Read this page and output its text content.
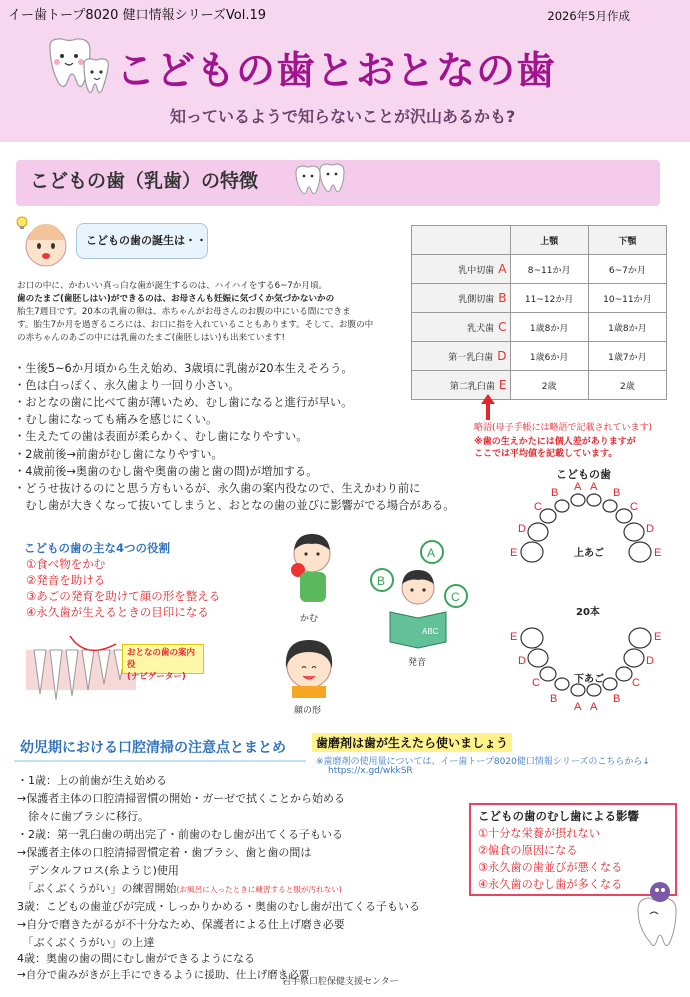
イー歯トープ8020 健口情報シリーズVol.19	2026年5月作成
こどもの歯とおとなの歯
知っているようで知らないことが沢山あるかも?
こどもの歯（乳歯）の特徴
こどもの歯の誕生は・・
お口の中に、かわいい真っ白な歯が誕生するのは、ハイハイをする6~7か月頃。
歯のたまご(歯胚しはい)ができるのは、お母さんも妊娠に気づくか気づかないかの
胎生7週目です。20本の乳歯の卵は、赤ちゃんがお母さんのお腹の中にいる間にできま
す。胎生7か月を過ぎるころには、お口に指を入れていることもあります。そして、お腹の中
の赤ちゃんのあごの中には乳歯のたまご(歯胚しはい)も出来ています!
・生後5~6か月頃から生え始め、3歳頃に乳歯が20本生えそろう。
・色は白っぽく、永久歯より一回り小さい。
・おとなの歯に比べて歯が薄いため、むし歯になると進行が早い。
・むし歯になっても痛みを感じにくい。
・生えたての歯は表面が柔らかく、むし歯になりやすい。
・2歳前後→前歯がむし歯になりやすい。
・4歳前後→奥歯のむし歯や奥歯の歯と歯の間)が増加する。
・どうせ抜けるのにと思う方もいるが、永久歯の案内役なので、生えかわり前に
　むし歯が大きくなって抜いてしまうと、おとなの歯の並びに影響がでる場合がある。
	上顎	下顎
乳中切歯 A	8~11か月	6~7か月
乳側切歯 B	11~12か月	10~11か月
乳犬歯 C	1歳8か月	1歳8か月
第一乳臼歯 D	1歳6か月	1歳7か月
第二乳臼歯 E	2歳	2歳
略語(母子手帳には略語で記載されています)
※歯の生えかたには個人差がありますが
ここでは平均値を記載しています。
こどもの歯
A A
B	B
C	C
D	D
E	E
E	E
D	D
C	C
B	B
A A
上あご
20本
下あご
こどもの歯の主な4つの役割
①食べ物をかむ
②発音を助ける
③あごの発育を助けて顔の形を整える
④永久歯が生えるときの目印になる
おとなの歯の案内役
(ナビゲーター)
かむ
A
B
C
ABC
発音
顔の形
幼児期における口腔清掃の注意点とまとめ
・1歳：上の前歯が生え始める
→保護者主体の口腔清掃習慣の開始・ガーゼで拭くことから始める
　徐々に歯ブラシに移行。
・2歳：第一乳臼歯の萌出完了・前歯のむし歯が出てくる子もいる
→保護者主体の口腔清掃習慣定着・歯ブラシ、歯と歯の間は
　デンタルフロス(糸ようじ)使用
　「ぶくぶくうがい」の練習開始(お風呂に入ったときに練習すると服が汚れない)
3歳：こどもの歯並びが完成・しっかりかめる・奥歯のむし歯が出てくる子もいる
→自分で磨きたがるが不十分なため、保護者による仕上げ磨き必要
　「ぶくぶくうがい」の上達
4歳：奥歯の歯の間にむし歯ができるようになる
→自分で歯みがきが上手にできるように援助、仕上げ磨き必要
歯磨剤は歯が生えたら使いましょう
※歯磨剤の使用量については、イー歯トープ8020健口情報シリーズのこちらから↓
https://x.gd/wkkSR
こどもの歯のむし歯による影響
①十分な栄養が摂れない
②偏食の原因になる
③永久歯の歯並びが悪くなる
④永久歯のむし歯が多くなる
岩手県口腔保健支援センター
